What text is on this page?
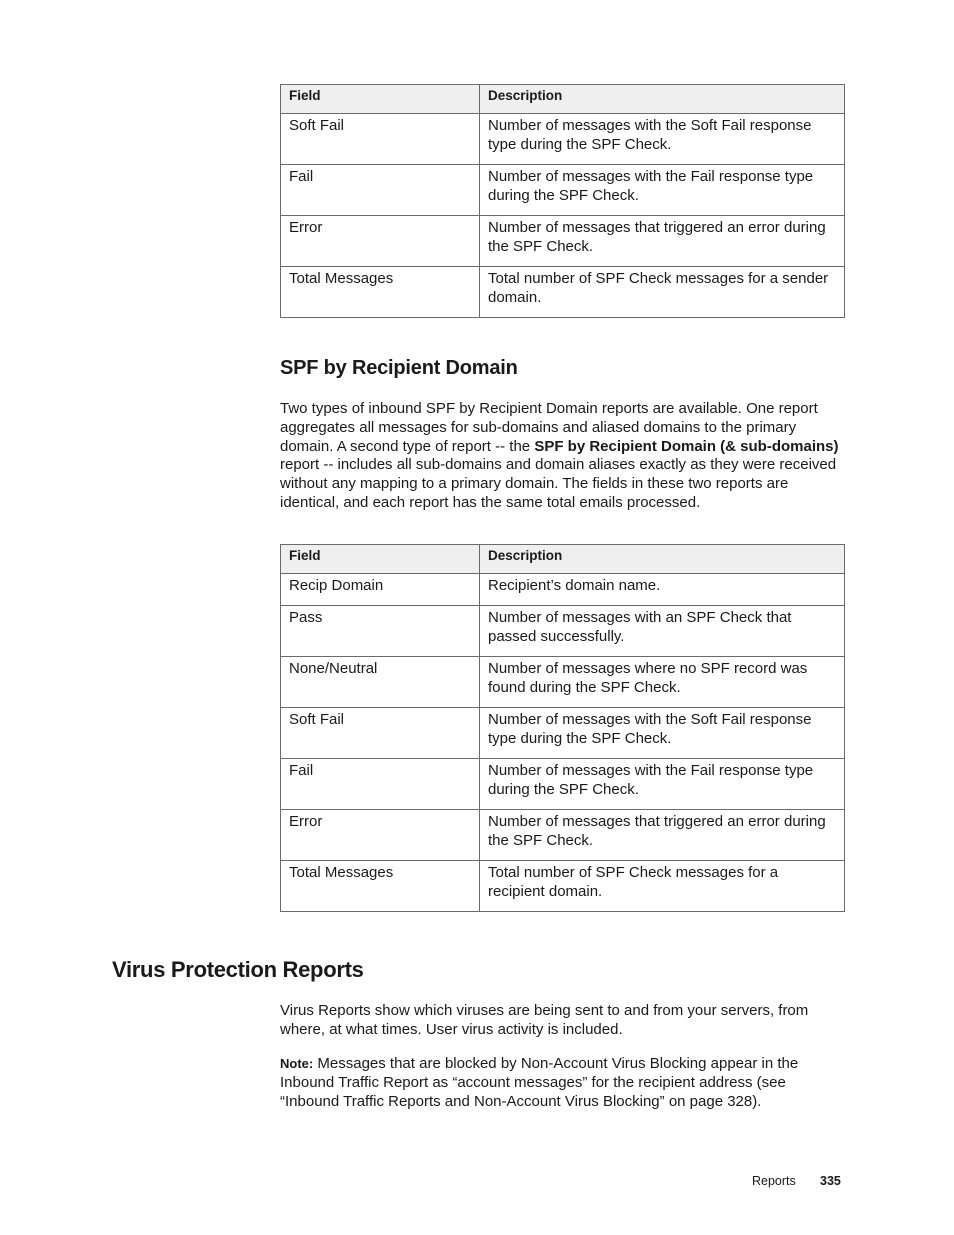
Field	Description
Soft Fail	Number of messages with the Soft Fail response type during the SPF Check.
Fail	Number of messages with the Fail response type during the SPF Check.
Error	Number of messages that triggered an error during the SPF Check.
Total Messages	Total number of SPF Check messages for a sender domain.
SPF by Recipient Domain

Two types of inbound SPF by Recipient Domain reports are available. One report aggregates all messages for sub-domains and aliased domains to the primary domain. A second type of report -- the SPF by Recipient Domain (& sub-domains) report -- includes all sub-domains and domain aliases exactly as they were received without any mapping to a primary domain. The fields in these two reports are identical, and each report has the same total emails processed.

Field	Description
Recip Domain	Recipient’s domain name.
Pass	Number of messages with an SPF Check that passed successfully.
None/Neutral	Number of messages where no SPF record was found during the SPF Check.
Soft Fail	Number of messages with the Soft Fail response type during the SPF Check.
Fail	Number of messages with the Fail response type during the SPF Check.
Error	Number of messages that triggered an error during the SPF Check.
Total Messages	Total number of SPF Check messages for a recipient domain.
Virus Protection Reports

Virus Reports show which viruses are being sent to and from your servers, from where, at what times. User virus activity is included.

Note: Messages that are blocked by Non-Account Virus Blocking appear in the Inbound Traffic Report as “account messages” for the recipient address (see “Inbound Traffic Reports and Non-Account Virus Blocking” on page 328).

Reports 335
